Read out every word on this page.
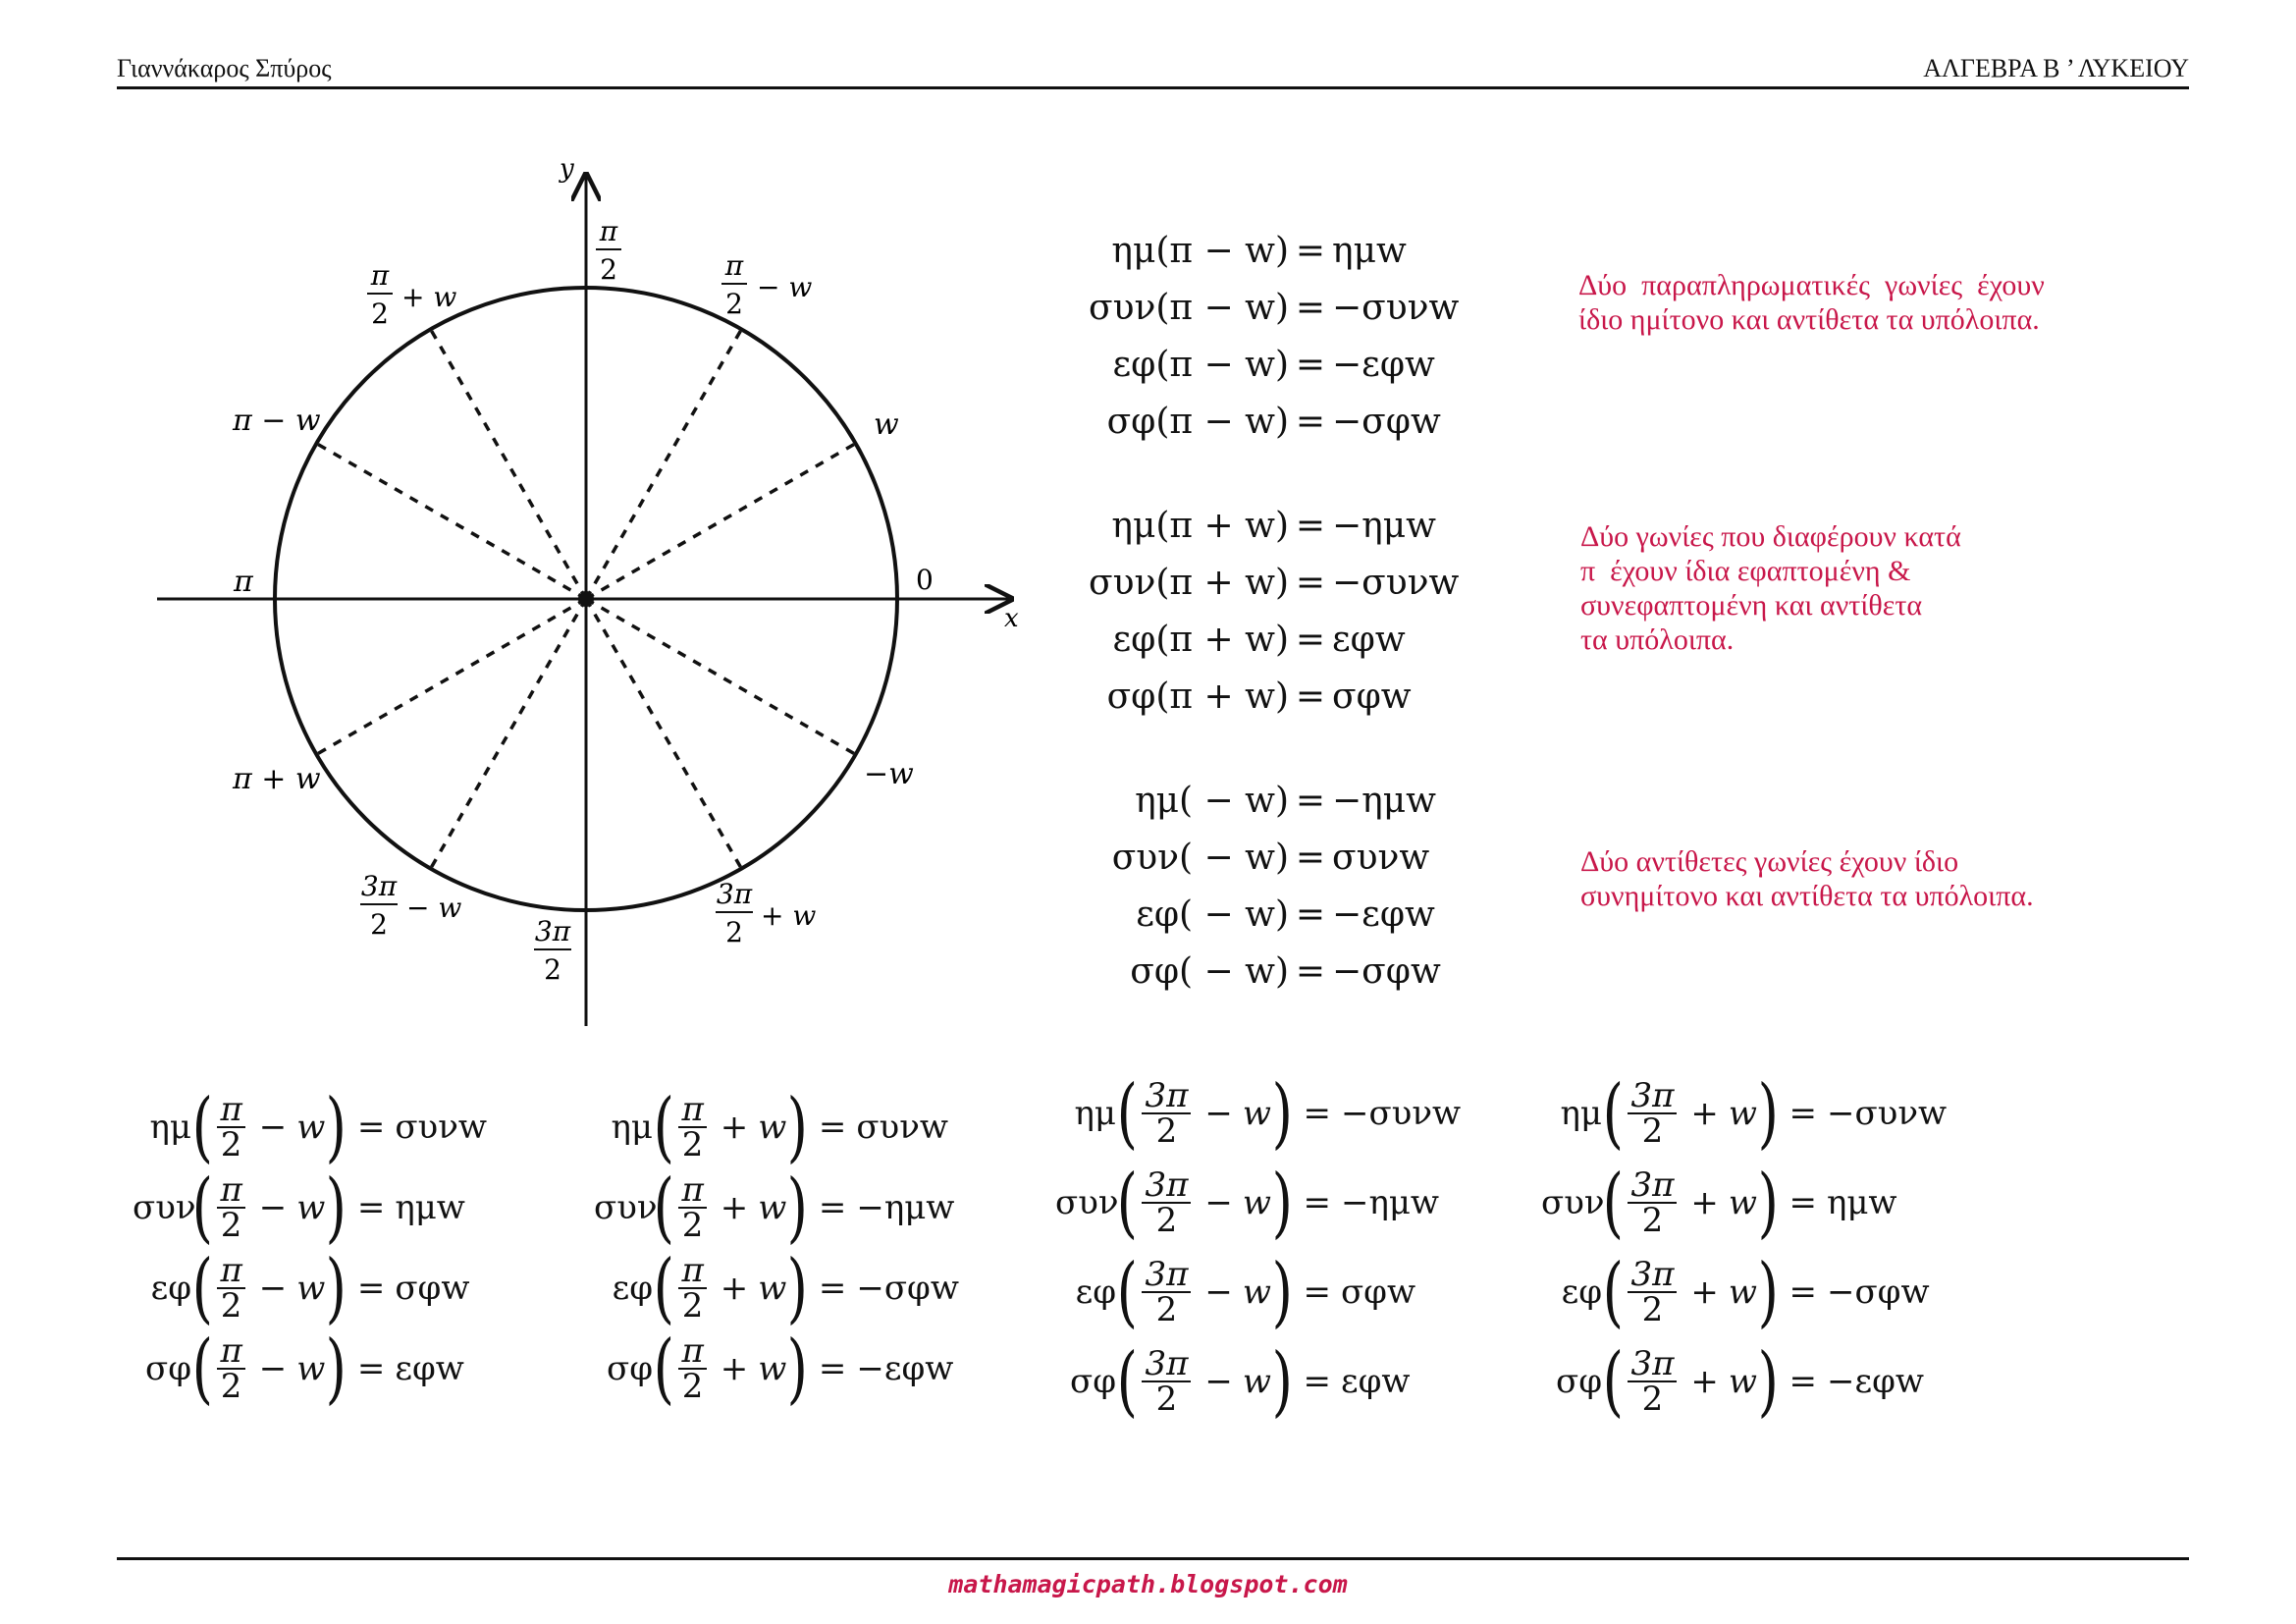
Γιαννάκαρος Σπύρος	ΑΛΓΕΒΡΑ Β ’ ΛΥΚΕΙΟΥ
x
y
0
π
w
−w
π − w
π + w
π
2
π
2
+ w
π
2
− w
3π
2
3π
2
− w	3π
2
+ w
ημ(π − w) = ημw
συν(π − w) = −συνw
εφ(π − w) = −εφw
σφ(π − w) = −σφw
Δύο  παραπληρωματικές  γωνίες  έχουν
ίδιο ημίτονο και αντίθετα τα υπόλοιπα.
ημ(π + w) = −ημw
συν(π + w) = −συνw
εφ(π + w) = εφw
σφ(π + w) = σφw
Δύο γωνίες που διαφέρουν κατά
π  έχουν ίδια εφαπτομένη &
συνεφαπτομένη και αντίθετα
τα υπόλοιπα.
ημ( − w) = −ημw
συν( − w) = συνw
εφ( − w) = −εφw
σφ( − w) = −σφw
Δύο αντίθετες γωνίες έχουν ίδιο
συνημίτονο και αντίθετα τα υπόλοιπα.
ημ ( $\frac{\pi}{2} - w$ ) = συνw
συν
( $\frac{\pi}{2} - w$ ) = ημw
εφ ( $\frac{\pi}{2} - w$ ) = σφw
σφ ( $\frac{\pi}{2} - w$ ) = εφw
ημ ( $\frac{\pi}{2} + w$ ) = συνw
συν
( $\frac{\pi}{2} + w$ ) = −ημw
εφ ( $\frac{\pi}{2} + w$ ) = −σφw
σφ ( $\frac{\pi}{2} + w$ ) = −εφw
ημ ( $\frac{3\pi}{2} - w$ ) = −συνw
συν
( $\frac{3\pi}{2} - w$ ) = −ημw
εφ ( $\frac{3\pi}{2} - w$ ) = σφw
σφ ( $\frac{3\pi}{2} - w$ ) = εφw
ημ ( $\frac{3\pi}{2} + w$ ) = −συνw
συν
( $\frac{3\pi}{2} + w$ ) = ημw
εφ ( $\frac{3\pi}{2} + w$ ) = −σφw
σφ ( $\frac{3\pi}{2} + w$ ) = −εφw
mathamagicpath.blogspot.com
